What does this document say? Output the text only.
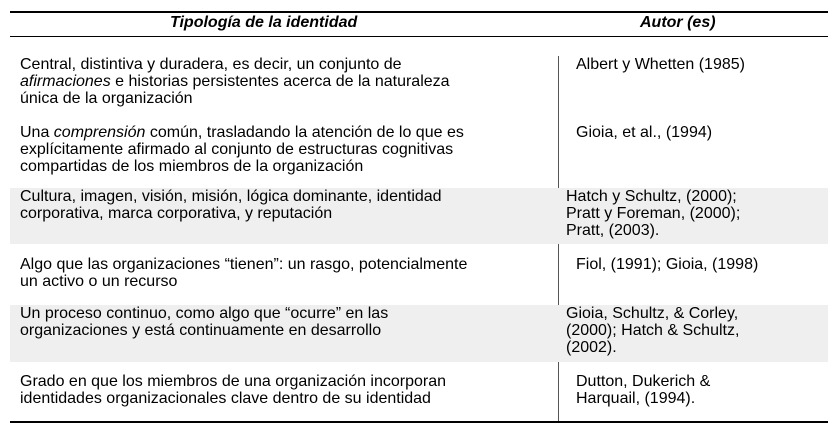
Tipología de la identidad	Autor (es)
Central, distintiva y duradera, es decir, un conjunto de
afirmaciones e historias persistentes acerca de la naturaleza
única de la organización
Albert y Whetten (1985)
Una comprensión común, trasladando la atención de lo que es
explícitamente afirmado al conjunto de estructuras cognitivas
compartidas de los miembros de la organización
Gioia, et al., (1994)
Cultura, imagen, visión, misión, lógica dominante, identidad
corporativa, marca corporativa, y reputación
Hatch y Schultz, (2000);
Pratt y Foreman, (2000);
Pratt, (2003).
Algo que las organizaciones “tienen”: un rasgo, potencialmente
un activo o un recurso
Fiol, (1991); Gioia, (1998)
Un proceso continuo, como algo que “ocurre” en las
organizaciones y está continuamente en desarrollo
Gioia, Schultz, & Corley,
(2000); Hatch & Schultz,
(2002).
Grado en que los miembros de una organización incorporan
identidades organizacionales clave dentro de su identidad
Dutton, Dukerich &
Harquail, (1994).
